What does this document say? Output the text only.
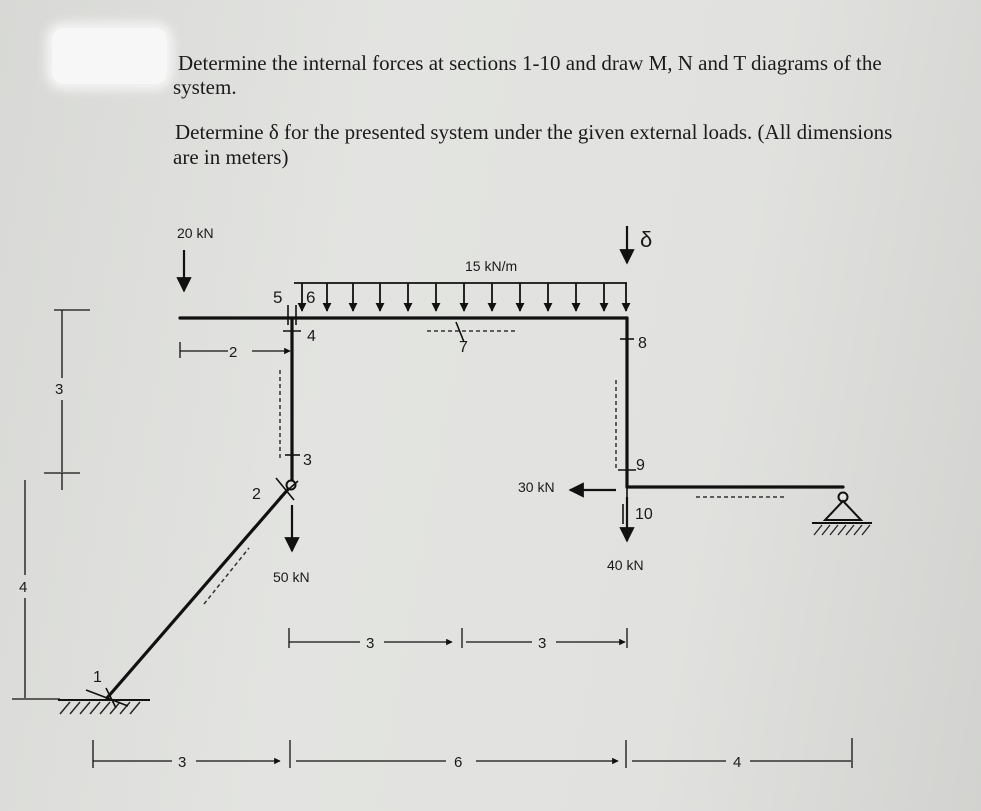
Determine the internal forces at sections 1-10 and draw M, N and T diagrams of the
system.
Determine δ for the presented system under the given external loads. (All dimensions
are in meters)
15 kN/m
20 kN
50 kN
30 kN
40 kN
δ
1
2
3
4
5 6
7	8
9
10
2
3
4
3	3
3	6	4
